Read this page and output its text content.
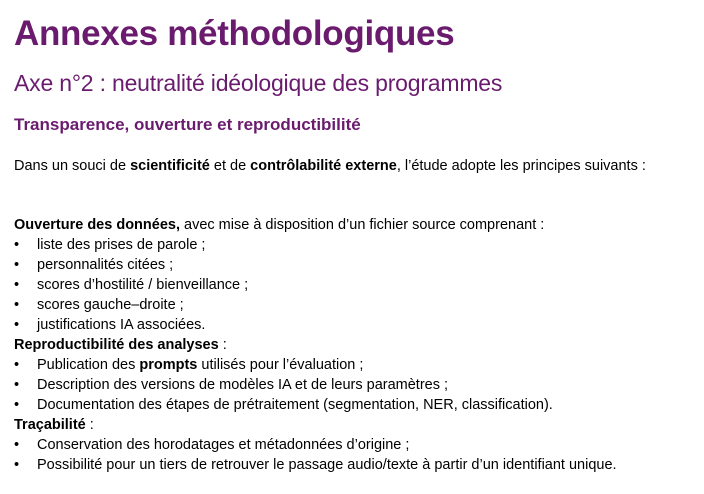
Annexes méthodologiques
Axe n°2 : neutralité idéologique des programmes
Transparence, ouverture et reproductibilité
Dans un souci de scientificité et de contrôlabilité externe, l’étude adopte les principes suivants :
Ouverture des données, avec mise à disposition d’un fichier source comprenant :
• liste des prises de parole ;
• personnalités citées ;
• scores d’hostilité / bienveillance ;
• scores gauche–droite ;
• justifications IA associées.
Reproductibilité des analyses :
• Publication des prompts utilisés pour l’évaluation ;
• Description des versions de modèles IA et de leurs paramètres ;
• Documentation des étapes de prétraitement (segmentation, NER, classification).
Traçabilité :
• Conservation des horodatages et métadonnées d’origine ;
• Possibilité pour un tiers de retrouver le passage audio/texte à partir d’un identifiant unique.
